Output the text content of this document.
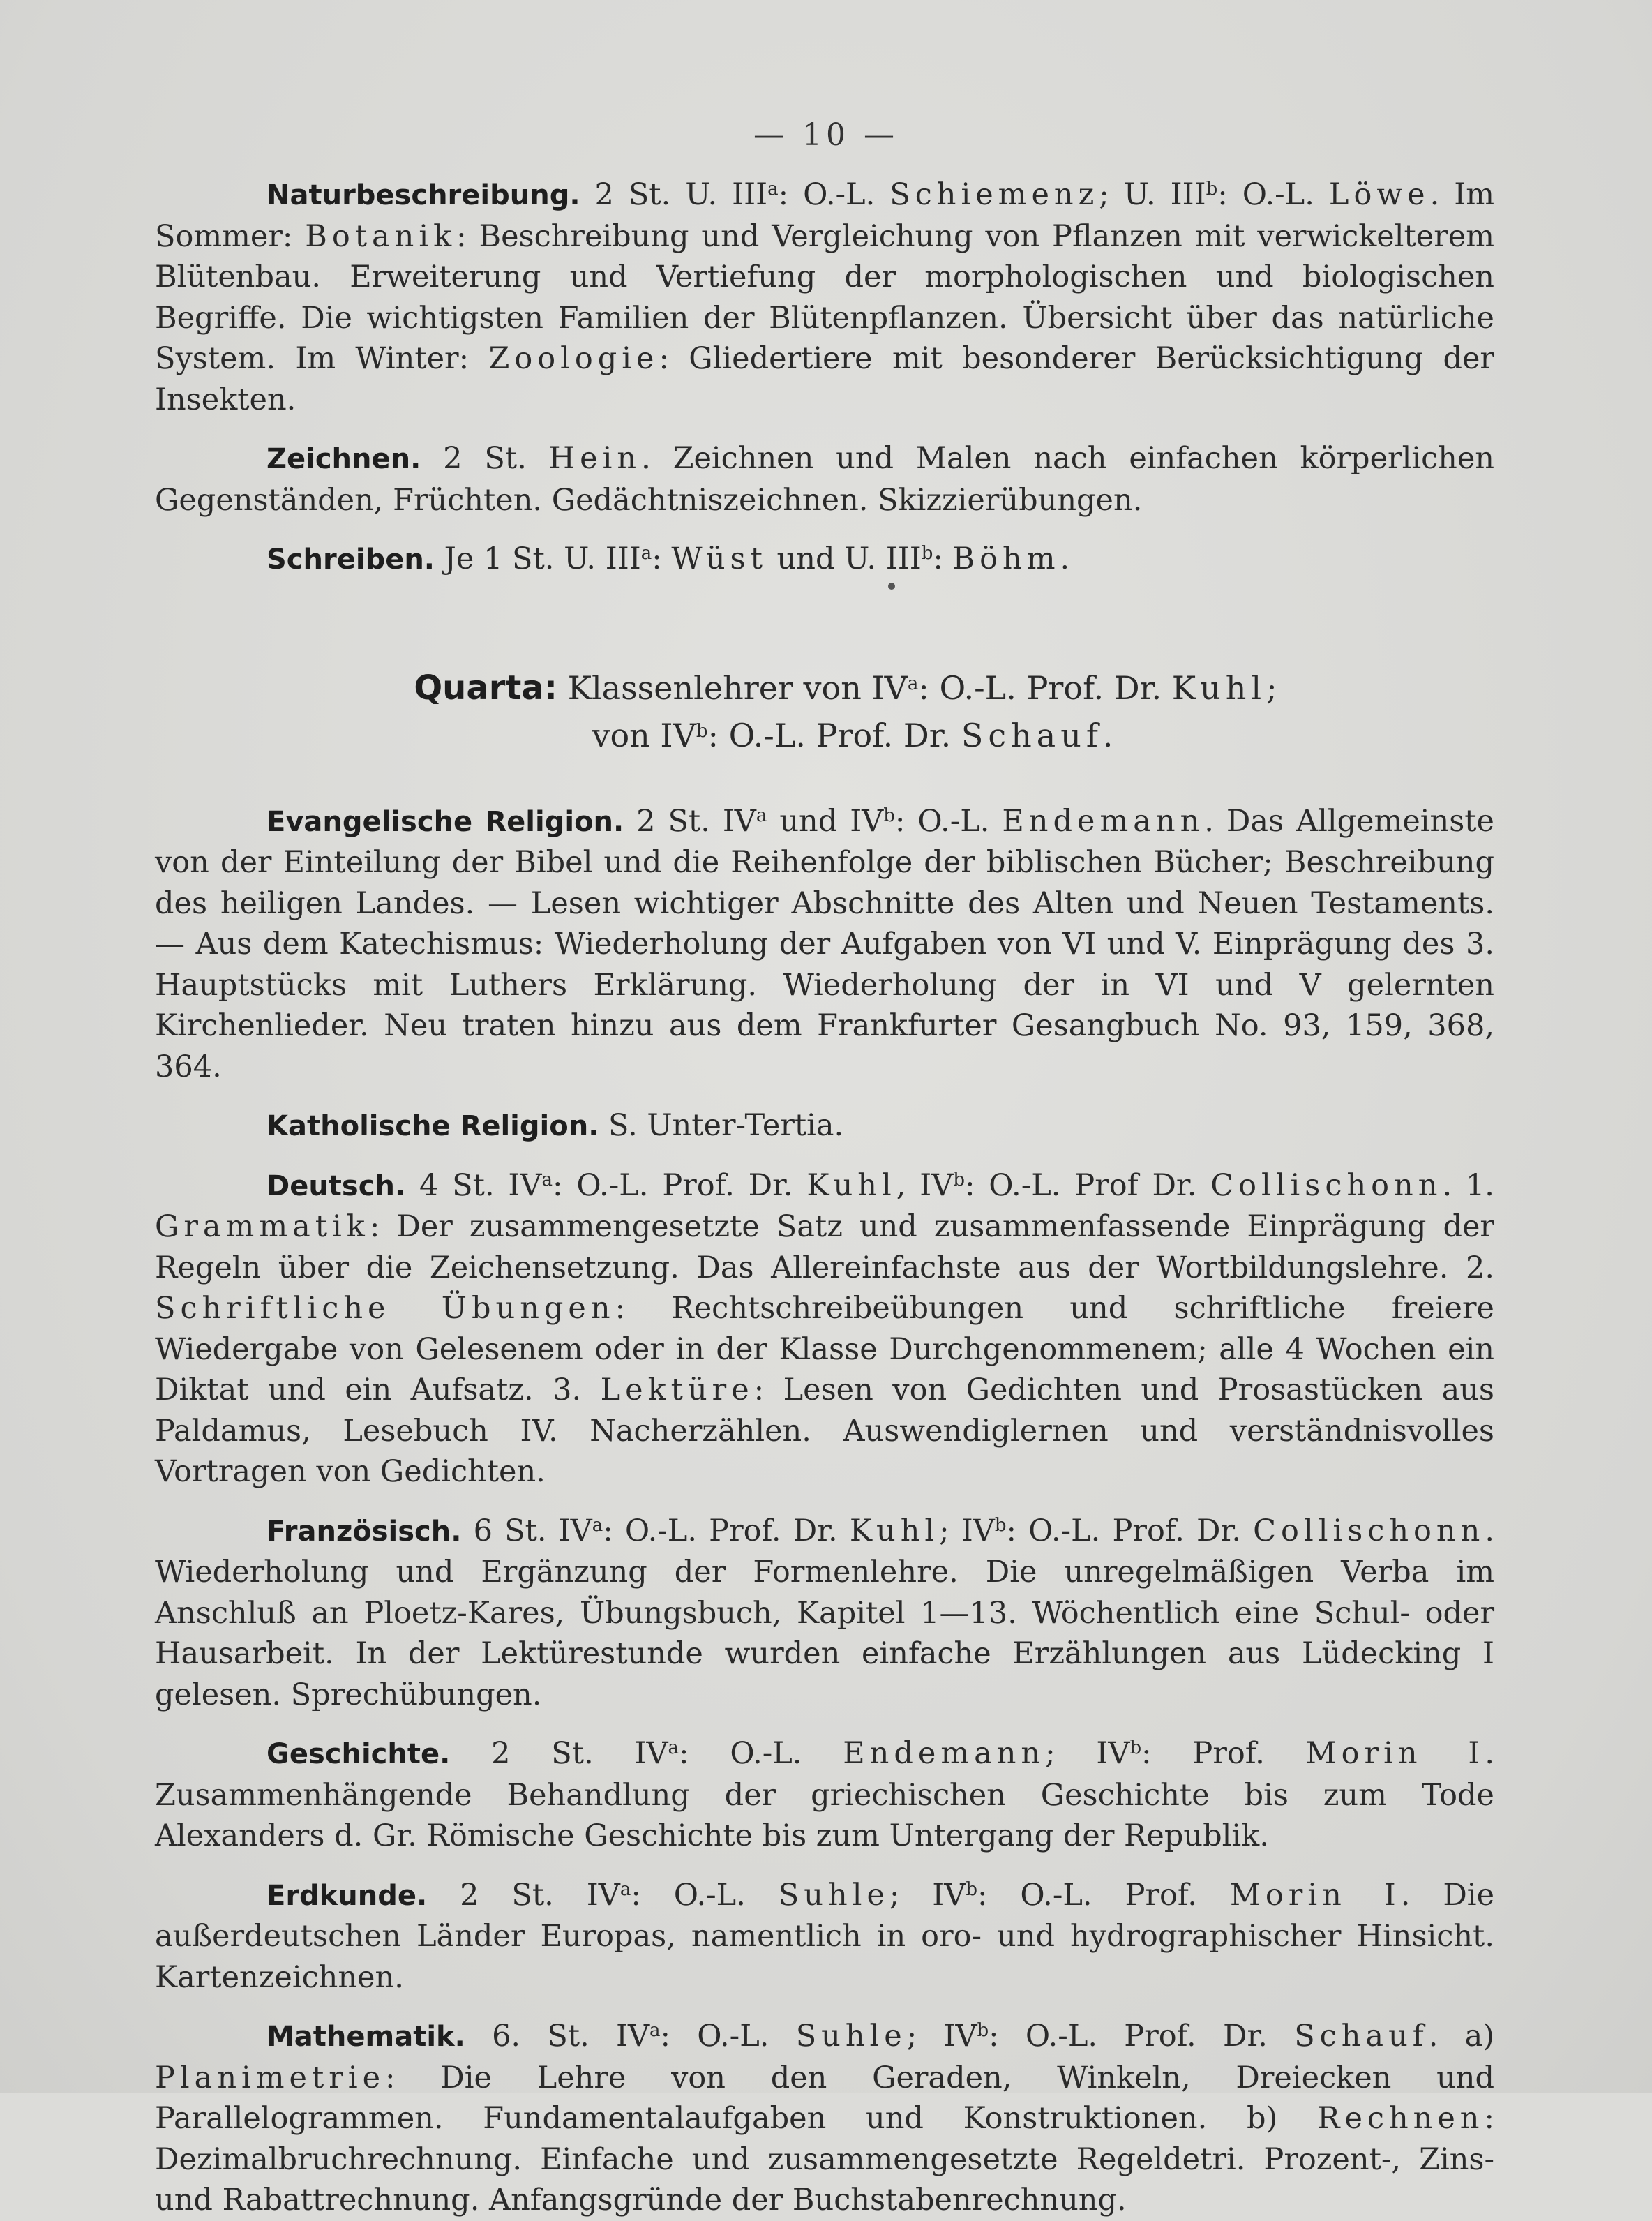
— 10 —

Naturbeschreibung. 2 St. U. III$^a$: O.-L. Schiemenz; U. III$^b$: O.-L. Löwe. Im Sommer: Botanik: Beschreibung und Vergleichung von Pflanzen mit verwickelterem Blütenbau. Erweiterung und Vertiefung der morphologischen und biologischen Begriffe. Die wichtigsten Familien der Blütenpflanzen. Übersicht über das natürliche System. Im Winter: Zoologie: Gliedertiere mit besonderer Berücksichtigung der Insekten.

Zeichnen. 2 St. Hein. Zeichnen und Malen nach einfachen körperlichen Gegenständen, Früchten. Gedächtniszeichnen. Skizzierübungen.

Schreiben. Je 1 St. U. III$^a$: Wüst und U. III$^b$: Böhm.

Quarta: Klassenlehrer von $IV^a$: O.-L. Prof. Dr. Kuhl;
von $IV^b$: O.-L. Prof. Dr. Schauf.

Evangelische Religion. 2 St. $IV^a$ und $IV^b$: O.-L. Endemann. Das Allgemeinste von der Einteilung der Bibel und die Reihenfolge der biblischen Bücher; Beschreibung des heiligen Landes. — Lesen wichtiger Abschnitte des Alten und Neuen Testaments. — Aus dem Katechismus: Wiederholung der Aufgaben von VI und V. Einprägung des 3. Hauptstücks mit Luthers Erklärung. Wiederholung der in VI und V gelernten Kirchenlieder. Neu traten hinzu aus dem Frankfurter Gesangbuch No. 93, 159, 368, 364.

Katholische Religion. S. Unter-Tertia.

Deutsch. 4 St. $IV^a$: O.-L. Prof. Dr. Kuhl, $IV^b$: O.-L. Prof Dr. Collischonn. 1. Grammatik: Der zusammengesetzte Satz und zusammenfassende Einprägung der Regeln über die Zeichensetzung. Das Allereinfachste aus der Wortbildungslehre. 2. Schriftliche Übungen: Rechtschreibeübungen und schriftliche freiere Wiedergabe von Gelesenem oder in der Klasse Durchgenommenem; alle 4 Wochen ein Diktat und ein Aufsatz. 3. Lektüre: Lesen von Gedichten und Prosastücken aus Paldamus, Lesebuch IV. Nacherzählen. Auswendiglernen und verständnisvolles Vortragen von Gedichten.

Französisch. 6 St. $IV^a$: O.-L. Prof. Dr. Kuhl; $IV^b$: O.-L. Prof. Dr. Collischonn. Wiederholung und Ergänzung der Formenlehre. Die unregelmäßigen Verba im Anschluß an Ploetz-Kares, Übungsbuch, Kapitel 1—13. Wöchentlich eine Schul- oder Hausarbeit. In der Lektürestunde wurden einfache Erzählungen aus Lüdecking I gelesen. Sprechübungen.

Geschichte. 2 St. $IV^a$: O.-L. Endemann; $IV^b$: Prof. Morin I. Zusammenhängende Behandlung der griechischen Geschichte bis zum Tode Alexanders d. Gr. Römische Geschichte bis zum Untergang der Republik.

Erdkunde. 2 St. $IV^a$: O.-L. Suhle; $IV^b$: O.-L. Prof. Morin I. Die außerdeutschen Länder Europas, namentlich in oro- und hydrographischer Hinsicht. Kartenzeichnen.

Mathematik. 6. St. $IV^a$: O.-L. Suhle; $IV^b$: O.-L. Prof. Dr. Schauf. a) Planimetrie: Die Lehre von den Geraden, Winkeln, Dreiecken und Parallelogrammen. Fundamentalaufgaben und Konstruktionen. b) Rechnen: Dezimalbruchrechnung. Einfache und zusammengesetzte Regeldetri. Prozent-, Zins- und Rabattrechnung. Anfangsgründe der Buchstabenrechnung.
